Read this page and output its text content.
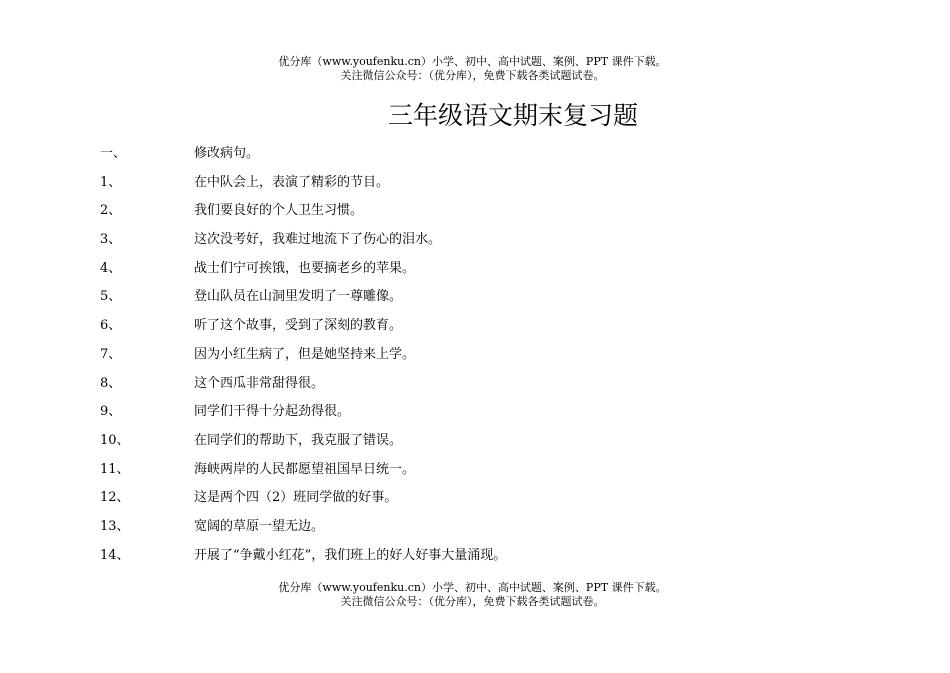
优分库（www.youfenku.cn）小学、初中、高中试题、案例、PPT 课件下载。
关注微信公众号：（优分库），免费下载各类试题试卷。
三年级语文期末复习题
一、	修改病句。
1、	在中队会上，表演了精彩的节目。
2、	我们要良好的个人卫生习惯。
3、	这次没考好，我难过地流下了伤心的泪水。
4、	战士们宁可挨饿，也要摘老乡的苹果。
5、	登山队员在山洞里发明了一尊雕像。
6、	听了这个故事，受到了深刻的教育。
7、	因为小红生病了，但是她坚持来上学。
8、	这个西瓜非常甜得很。
9、	同学们干得十分起劲得很。
10、	在同学们的帮助下，我克服了错误。
11、	海峡两岸的人民都愿望祖国早日统一。
12、	这是两个四（2）班同学做的好事。
13、	宽阔的草原一望无边。
14、	开展了“争戴小红花”，我们班上的好人好事大量涌现。
优分库（www.youfenku.cn）小学、初中、高中试题、案例、PPT 课件下载。
关注微信公众号：（优分库），免费下载各类试题试卷。
